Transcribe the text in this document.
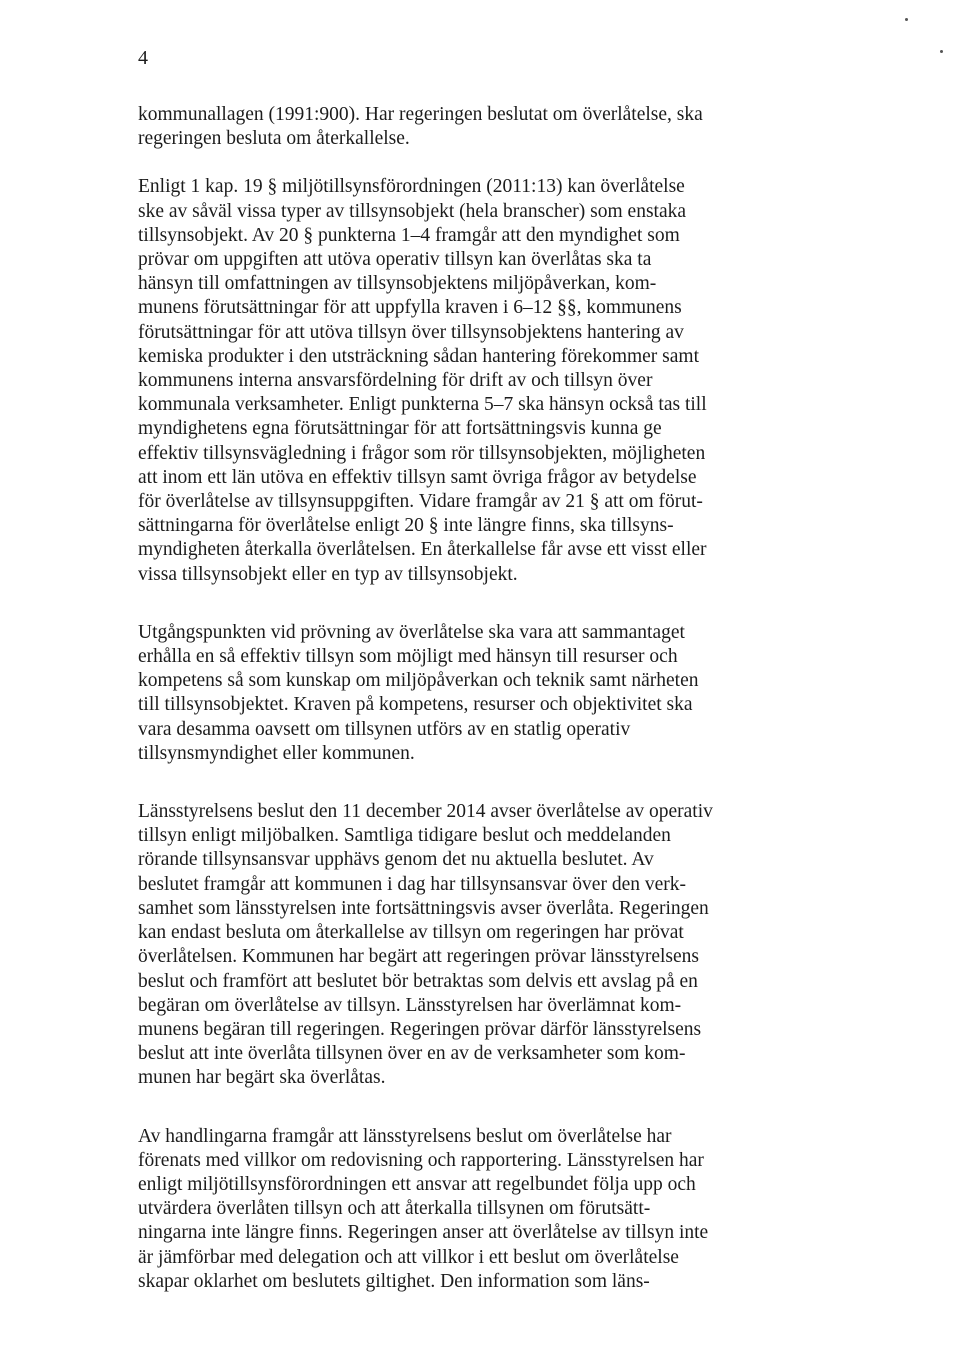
4

kommunallagen (1991:900). Har regeringen beslutat om överlåtelse, ska
regeringen besluta om återkallelse.

Enligt 1 kap. 19 § miljötillsynsförordningen (2011:13) kan överlåtelse
ske av såväl vissa typer av tillsynsobjekt (hela branscher) som enstaka
tillsynsobjekt. Av 20 § punkterna 1–4 framgår att den myndighet som
prövar om uppgiften att utöva operativ tillsyn kan överlåtas ska ta
hänsyn till omfattningen av tillsynsobjektens miljöpåverkan, kom-
munens förutsättningar för att uppfylla kraven i 6–12 §§, kommunens
förutsättningar för att utöva tillsyn över tillsynsobjektens hantering av
kemiska produkter i den utsträckning sådan hantering förekommer samt
kommunens interna ansvarsfördelning för drift av och tillsyn över
kommunala verksamheter. Enligt punkterna 5–7 ska hänsyn också tas till
myndighetens egna förutsättningar för att fortsättningsvis kunna ge
effektiv tillsynsvägledning i frågor som rör tillsynsobjekten, möjligheten
att inom ett län utöva en effektiv tillsyn samt övriga frågor av betydelse
för överlåtelse av tillsynsuppgiften. Vidare framgår av 21 § att om förut-
sättningarna för överlåtelse enligt 20 § inte längre finns, ska tillsyns-
myndigheten återkalla överlåtelsen. En återkallelse får avse ett visst eller
vissa tillsynsobjekt eller en typ av tillsynsobjekt.

Utgångspunkten vid prövning av överlåtelse ska vara att sammantaget
erhålla en så effektiv tillsyn som möjligt med hänsyn till resurser och
kompetens så som kunskap om miljöpåverkan och teknik samt närheten
till tillsynsobjektet. Kraven på kompetens, resurser och objektivitet ska
vara desamma oavsett om tillsynen utförs av en statlig operativ
tillsynsmyndighet eller kommunen.

Länsstyrelsens beslut den 11 december 2014 avser överlåtelse av operativ
tillsyn enligt miljöbalken. Samtliga tidigare beslut och meddelanden
rörande tillsynsansvar upphävs genom det nu aktuella beslutet. Av
beslutet framgår att kommunen i dag har tillsynsansvar över den verk-
samhet som länsstyrelsen inte fortsättningsvis avser överlåta. Regeringen
kan endast besluta om återkallelse av tillsyn om regeringen har prövat
överlåtelsen. Kommunen har begärt att regeringen prövar länsstyrelsens
beslut och framfört att beslutet bör betraktas som delvis ett avslag på en
begäran om överlåtelse av tillsyn. Länsstyrelsen har överlämnat kom-
munens begäran till regeringen. Regeringen prövar därför länsstyrelsens
beslut att inte överlåta tillsynen över en av de verksamheter som kom-
munen har begärt ska överlåtas.

Av handlingarna framgår att länsstyrelsens beslut om överlåtelse har
förenats med villkor om redovisning och rapportering. Länsstyrelsen har
enligt miljötillsynsförordningen ett ansvar att regelbundet följa upp och
utvärdera överlåten tillsyn och att återkalla tillsynen om förutsätt-
ningarna inte längre finns. Regeringen anser att överlåtelse av tillsyn inte
är jämförbar med delegation och att villkor i ett beslut om överlåtelse
skapar oklarhet om beslutets giltighet. Den information som läns-
